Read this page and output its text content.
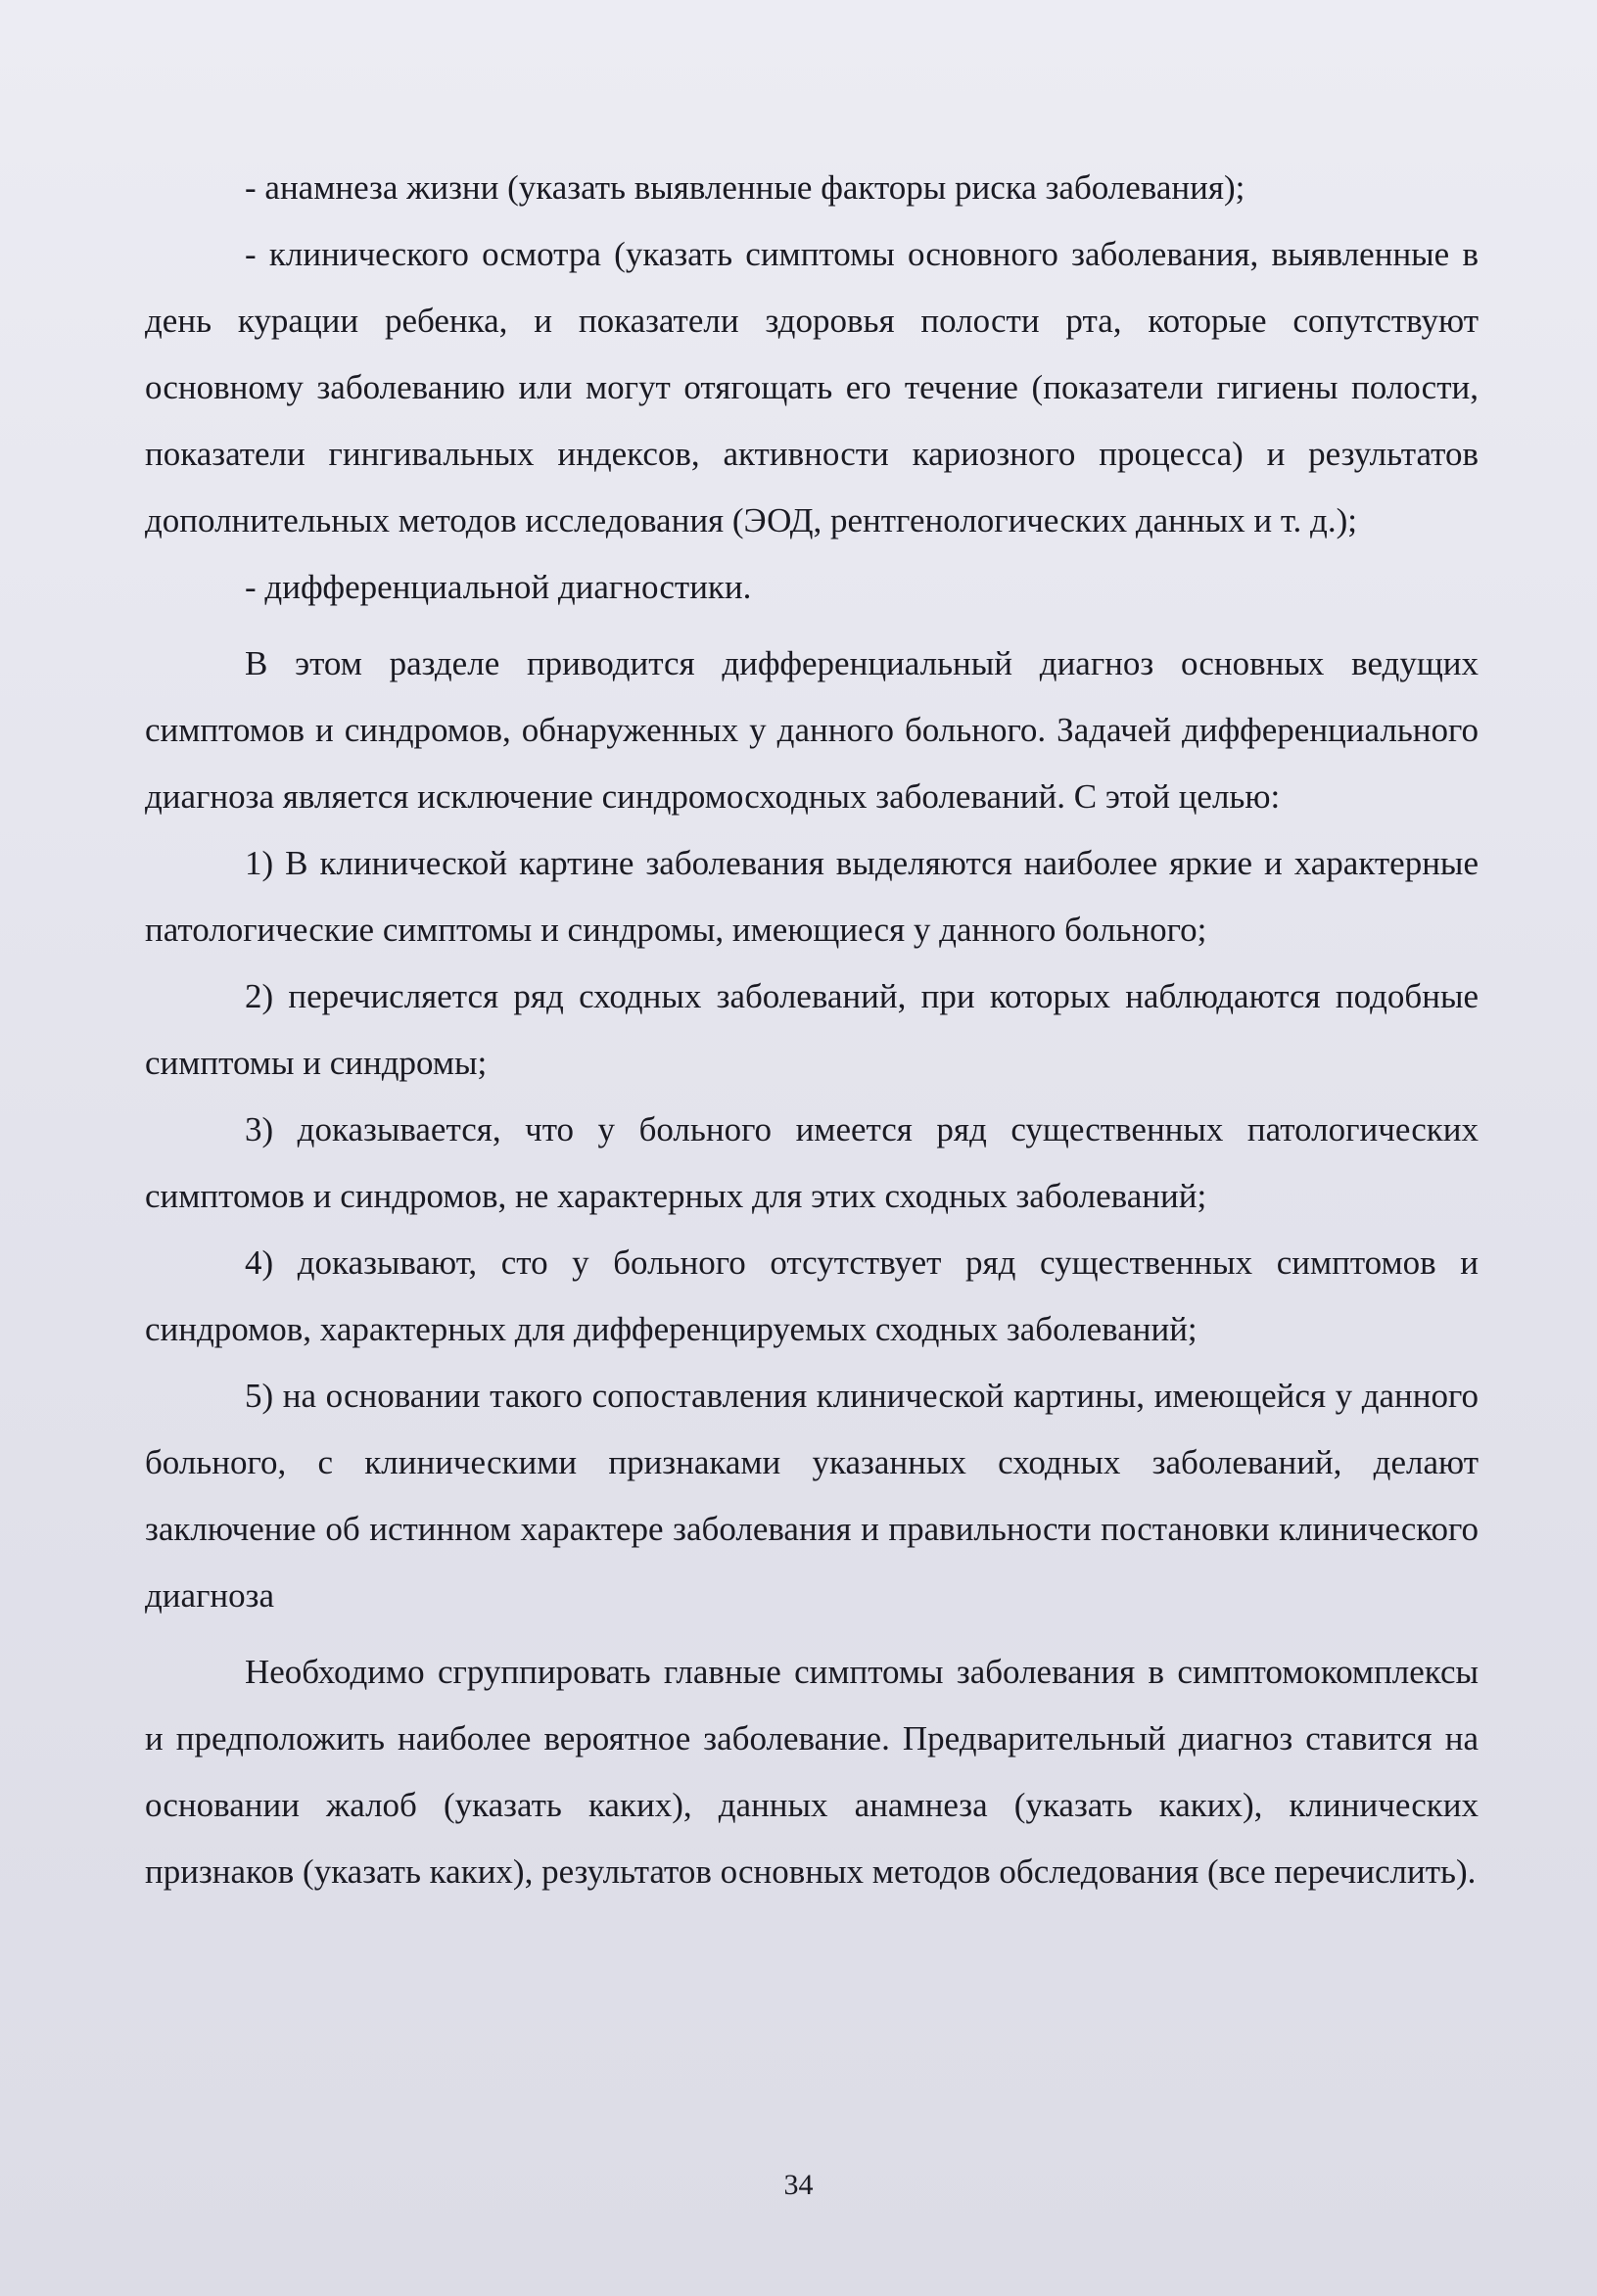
- анамнеза жизни (указать выявленные факторы риска заболевания);

- клинического осмотра (указать симптомы основного заболевания, выявленные в день курации ребенка, и показатели здоровья полости рта, которые сопутствуют основному заболеванию или могут отягощать его течение (показатели гигиены полости, показатели гингивальных индексов, активности кариозного процесса) и результатов дополнительных методов исследования (ЭОД, рентгенологических данных и т. д.);

- дифференциальной диагностики.

В этом разделе приводится дифференциальный диагноз основных ведущих симптомов и синдромов, обнаруженных у данного больного. Задачей дифференциального диагноза является исключение синдромосходных заболеваний. С этой целью:

1) В клинической картине заболевания выделяются наиболее яркие и характерные патологические симптомы и синдромы, имеющиеся у данного больного;

2) перечисляется ряд сходных заболеваний, при которых наблюдаются подобные симптомы и синдромы;

3) доказывается, что у больного имеется ряд существенных патологических симптомов и синдромов, не характерных для этих сходных заболеваний;

4) доказывают, сто у больного отсутствует ряд существенных симптомов и синдромов, характерных для дифференцируемых сходных заболеваний;

5) на основании такого сопоставления клинической картины, имеющейся у данного больного, с клиническими признаками указанных сходных заболеваний, делают заключение об истинном характере заболевания и правильности постановки клинического диагноза

Необходимо сгруппировать главные симптомы заболевания в симптомокомплексы и предположить наиболее вероятное заболевание. Предварительный диагноз ставится на основании жалоб (указать каких), данных анамнеза (указать каких), клинических признаков (указать каких), результатов основных методов обследования (все перечислить).

34
